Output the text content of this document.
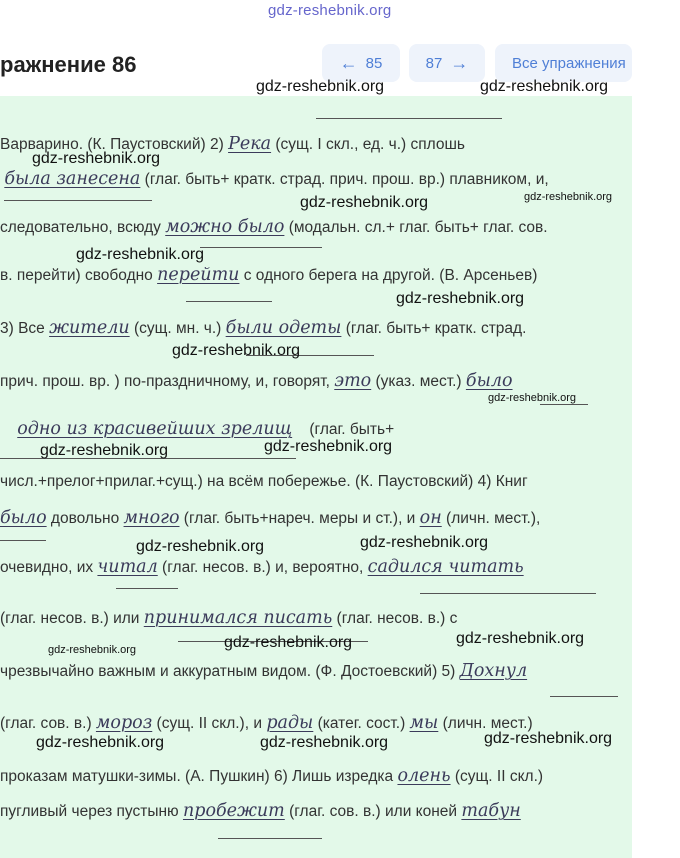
gdz-reshebnik.org
ражнение 86	← 85	87 →	Все упражнения
Варварино. (К. Паустовский) 2) Река (сущ. I скл., ед. ч.) сплошь
была занесена (глаг. быть+ кратк. страд. прич. прош. вр.) плавником, и,
следовательно, всюду можно было (модальн. сл.+ глаг. быть+ глаг. сов.
в. перейти) свободно перейти с одного берега на другой. (В. Арсеньев)
3) Все жители (сущ. мн. ч.) были одеты (глаг. быть+ кратк. страд.
прич. прош. вр. ) по-праздничному, и, говорят, это (указ. мест.) было
одно из красивейших зрелищ    (глаг. быть+
числ.+прелог+прилаг.+сущ.) на всём побережье. (К. Паустовский) 4) Книг
было довольно много (глаг. быть+нареч. меры и ст.), и он (личн. мест.),
очевидно, их читал (глаг. несов. в.) и, вероятно, садился читать
(глаг. несов. в.) или принимался писать (глаг. несов. в.) с
чрезвычайно важным и аккуратным видом. (Ф. Достоевский) 5) Дохнул
(глаг. сов. в.) мороз (сущ. II скл.), и рады (катег. сост.) мы (личн. мест.)
проказам матушки-зимы. (А. Пушкин) 6) Лишь изредка олень (сущ. II скл.)
пугливый через пустыню пробежит (глаг. сов. в.) или коней табун
gdz-reshebnik.org	gdz-reshebnik.org
gdz-reshebnik.org
gdz-reshebnik.org
gdz-reshebnik.org
gdz-reshebnik.org
gdz-reshebnik.org
gdz-reshebnik.org
gdz-reshebnik.org
gdz-reshebnik.org
gdz-reshebnik.org
gdz-reshebnik.org
gdz-reshebnik.org
gdz-reshebnik.org
gdz-reshebnik.org
gdz-reshebnik.org
gdz-reshebnik.org
gdz-reshebnik.org	gdz-reshebnik.org
